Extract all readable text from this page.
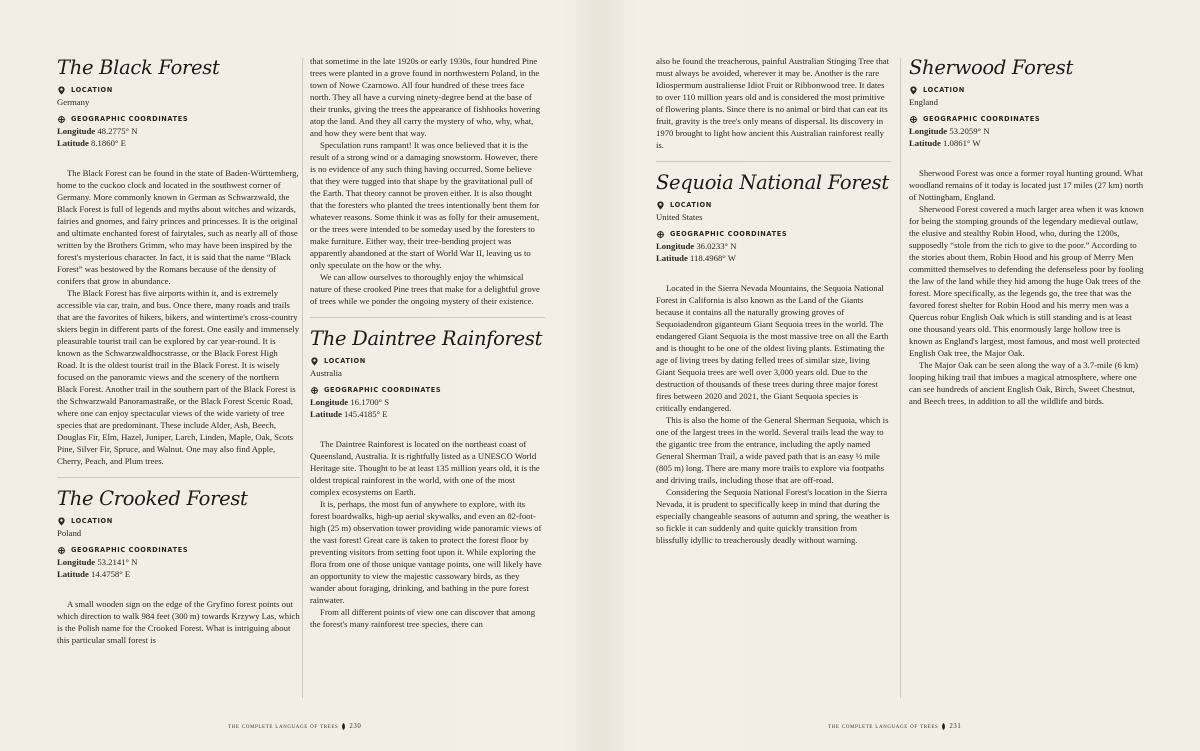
The Black Forest
LOCATION
Germany
GEOGRAPHIC COORDINATES
Longitude 48.2775° N
Latitude 8.1860° E

The Black Forest can be found in the state of Baden-Württemberg, home to the cuckoo clock and located in the southwest corner of Germany. More commonly known in German as Schwarzwald, the Black Forest is full of legends and myths about witches and wizards, fairies and gnomes, and fairy princes and princesses. It is the original and ultimate enchanted forest of fairytales, such as nearly all of those written by the Brothers Grimm, who may have been inspired by the forest's mysterious character. In fact, it is said that the name “Black Forest” was bestowed by the Romans because of the density of conifers that grow in abundance.

The Black Forest has five airports within it, and is extremely accessible via car, train, and bus. Once there, many roads and trails that are the favorites of hikers, bikers, and wintertime's cross-country skiers begin in different parts of the forest. One easily and immensely pleasurable tourist trail can be explored by car year-round. It is known as the Schwarzwaldhocstrasse, or the Black Forest High Road. It is the oldest tourist trail in the Black Forest. It is wisely focused on the panoramic views and the scenery of the northern Black Forest. Another trail in the southern part of the Black Forest is the Schwarzwald Panoramastraße, or the Black Forest Scenic Road, where one can enjoy spectacular views of the wide variety of tree species that are predominant. These include Alder, Ash, Beech, Douglas Fir, Elm, Hazel, Juniper, Larch, Linden, Maple, Oak, Scots Pine, Silver Fir, Spruce, and Walnut. One may also find Apple, Cherry, Peach, and Plum trees.

The Crooked Forest
LOCATION
Poland
GEOGRAPHIC COORDINATES
Longitude 53.2141° N
Latitude 14.4758° E

A small wooden sign on the edge of the Gryfino forest points out which direction to walk 984 feet (300 m) towards Krzywy Las, which is the Polish name for the Crooked Forest. What is intriguing about this particular small forest is

that sometime in the late 1920s or early 1930s, four hundred Pine trees were planted in a grove found in northwestern Poland, in the town of Nowe Czarnowo. All four hundred of these trees face north. They all have a curving ninety-degree bend at the base of their trunks, giving the trees the appearance of fishhooks hovering atop the land. And they all carry the mystery of who, why, what, and how they were bent that way.

Speculation runs rampant! It was once believed that it is the result of a strong wind or a damaging snowstorm. However, there is no evidence of any such thing having occurred. Some believe that they were tugged into that shape by the gravitational pull of the Earth. That theory cannot be proven either. It is also thought that the foresters who planted the trees intentionally bent them for whatever reasons. Some think it was as folly for their amusement, or the trees were intended to be someday used by the foresters to make furniture. Either way, their tree-bending project was apparently abandoned at the start of World War II, leaving us to only speculate on the how or the why.

We can allow ourselves to thoroughly enjoy the whimsical nature of these crooked Pine trees that make for a delightful grove of trees while we ponder the ongoing mystery of their existence.

The Daintree Rainforest
LOCATION
Australia
GEOGRAPHIC COORDINATES
Longitude 16.1700° S
Latitude 145.4185° E

The Daintree Rainforest is located on the northeast coast of Queensland, Australia. It is rightfully listed as a UNESCO World Heritage site. Thought to be at least 135 million years old, it is the oldest tropical rainforest in the world, with one of the most complex ecosystems on Earth.

It is, perhaps, the most fun of anywhere to explore, with its forest boardwalks, high-up aerial skywalks, and even an 82-foot-high (25 m) observation tower providing wide panoramic views of the vast forest! Great care is taken to protect the forest floor by preventing visitors from setting foot upon it. While exploring the flora from one of those unique vantage points, one will likely have an opportunity to view the majestic cassowary birds, as they wander about foraging, drinking, and bathing in the pure forest rainwater.

From all different points of view one can discover that among the forest's many rainforest tree species, there can

the complete language of trees 230

also be found the treacherous, painful Australian Stinging Tree that must always be avoided, wherever it may be. Another is the rare Idiospermum australiense Idiot Fruit or Ribbonwood tree. It dates to over 110 million years old and is considered the most primitive of flowering plants. Since there is no animal or bird that can eat its fruit, gravity is the tree's only means of dispersal. Its discovery in 1970 brought to light how ancient this Australian rainforest really is.

Sequoia National Forest
LOCATION
United States
GEOGRAPHIC COORDINATES
Longitude 36.0233° N
Latitude 118.4968° W

Located in the Sierra Nevada Mountains, the Sequoia National Forest in California is also known as the Land of the Giants because it contains all the naturally growing groves of Sequoiadendron giganteum Giant Sequoia trees in the world. The endangered Giant Sequoia is the most massive tree on all the Earth and is thought to be one of the oldest living plants. Estimating the age of living trees by dating felled trees of similar size, living Giant Sequoia trees are well over 3,000 years old. Due to the destruction of thousands of these trees during three major forest fires between 2020 and 2021, the Giant Sequoia species is critically endangered.

This is also the home of the General Sherman Sequoia, which is one of the largest trees in the world. Several trails lead the way to the gigantic tree from the entrance, including the aptly named General Sherman Trail, a wide paved path that is an easy ½ mile (805 m) long. There are many more trails to explore via footpaths and driving trails, including those that are off-road.

Considering the Sequoia National Forest's location in the Sierra Nevada, it is prudent to specifically keep in mind that during the especially changeable seasons of autumn and spring, the weather is so fickle it can suddenly and quite quickly transition from blissfully idyllic to treacherously deadly without warning.

Sherwood Forest
LOCATION
England
GEOGRAPHIC COORDINATES
Longitude 53.2059° N
Latitude 1.0861° W

Sherwood Forest was once a former royal hunting ground. What woodland remains of it today is located just 17 miles (27 km) north of Nottingham, England.

Sherwood Forest covered a much larger area when it was known for being the stomping grounds of the legendary medieval outlaw, the elusive and stealthy Robin Hood, who, during the 1200s, supposedly “stole from the rich to give to the poor.” According to the stories about them, Robin Hood and his group of Merry Men committed themselves to defending the defenseless poor by fooling the law of the land while they hid among the huge Oak trees of the forest. More specifically, as the legends go, the tree that was the favored forest shelter for Robin Hood and his merry men was a Quercus robur English Oak which is still standing and is at least one thousand years old. This enormously large hollow tree is known as England's largest, most famous, and most well protected English Oak tree, the Major Oak.

The Major Oak can be seen along the way of a 3.7-mile (6 km) looping hiking trail that imbues a magical atmosphere, where one can see hundreds of ancient English Oak, Birch, Sweet Chestnut, and Beech trees, in addition to all the wildlife and birds.

the complete language of trees 231
